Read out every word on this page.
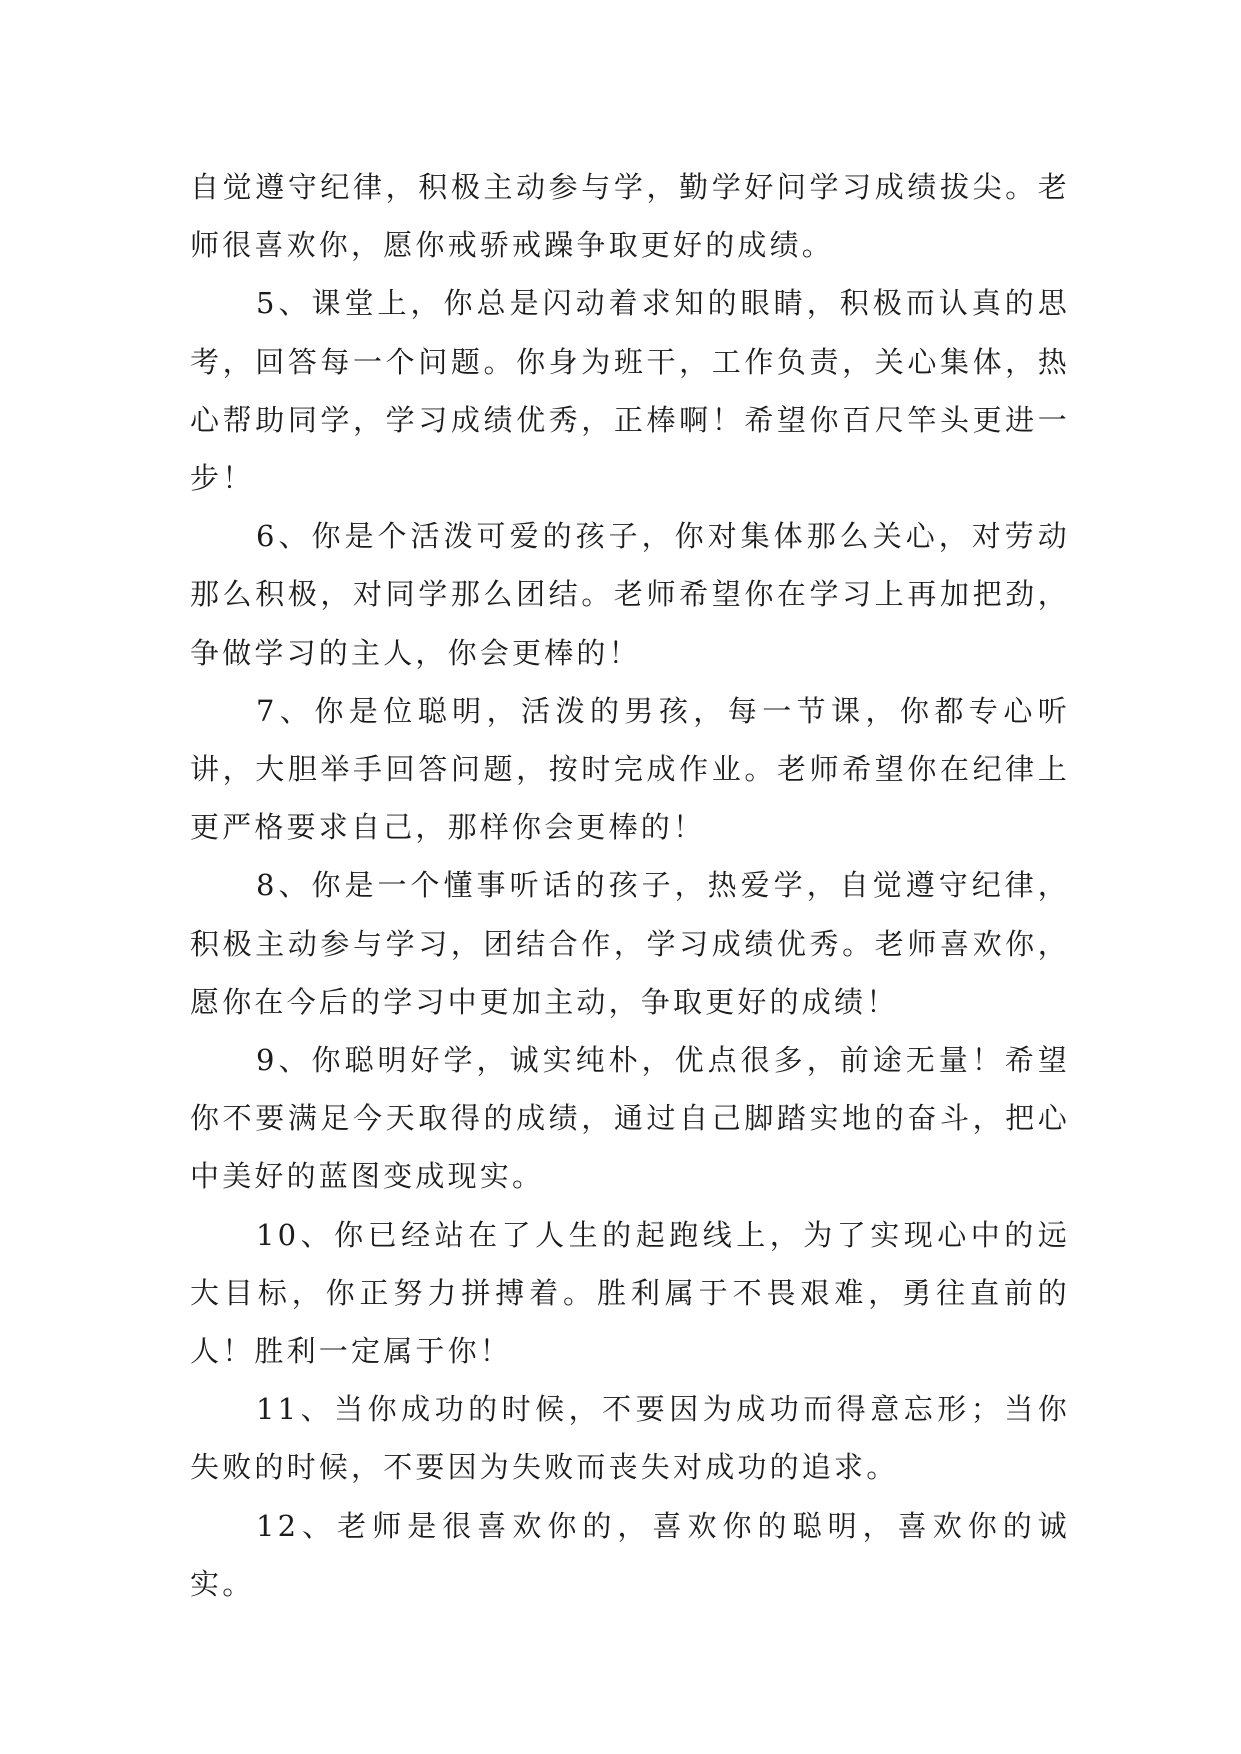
自觉遵守纪律，积极主动参与学，勤学好问学习成绩拔尖。老师很喜欢你，愿你戒骄戒躁争取更好的成绩。

5、课堂上，你总是闪动着求知的眼睛，积极而认真的思考，回答每一个问题。你身为班干，工作负责，关心集体，热心帮助同学，学习成绩优秀，正棒啊！希望你百尺竿头更进一步！

6、你是个活泼可爱的孩子，你对集体那么关心，对劳动那么积极，对同学那么团结。老师希望你在学习上再加把劲，争做学习的主人，你会更棒的！

7、你是位聪明，活泼的男孩，每一节课，你都专心听讲，大胆举手回答问题，按时完成作业。老师希望你在纪律上更严格要求自己，那样你会更棒的！

8、你是一个懂事听话的孩子，热爱学，自觉遵守纪律，积极主动参与学习，团结合作，学习成绩优秀。老师喜欢你，愿你在今后的学习中更加主动，争取更好的成绩！

9、你聪明好学，诚实纯朴，优点很多，前途无量！希望你不要满足今天取得的成绩，通过自己脚踏实地的奋斗，把心中美好的蓝图变成现实。

10、你已经站在了人生的起跑线上，为了实现心中的远大目标，你正努力拼搏着。胜利属于不畏艰难，勇往直前的人！胜利一定属于你！

11、当你成功的时候，不要因为成功而得意忘形；当你失败的时候，不要因为失败而丧失对成功的追求。

12、老师是很喜欢你的，喜欢你的聪明，喜欢你的诚实。
